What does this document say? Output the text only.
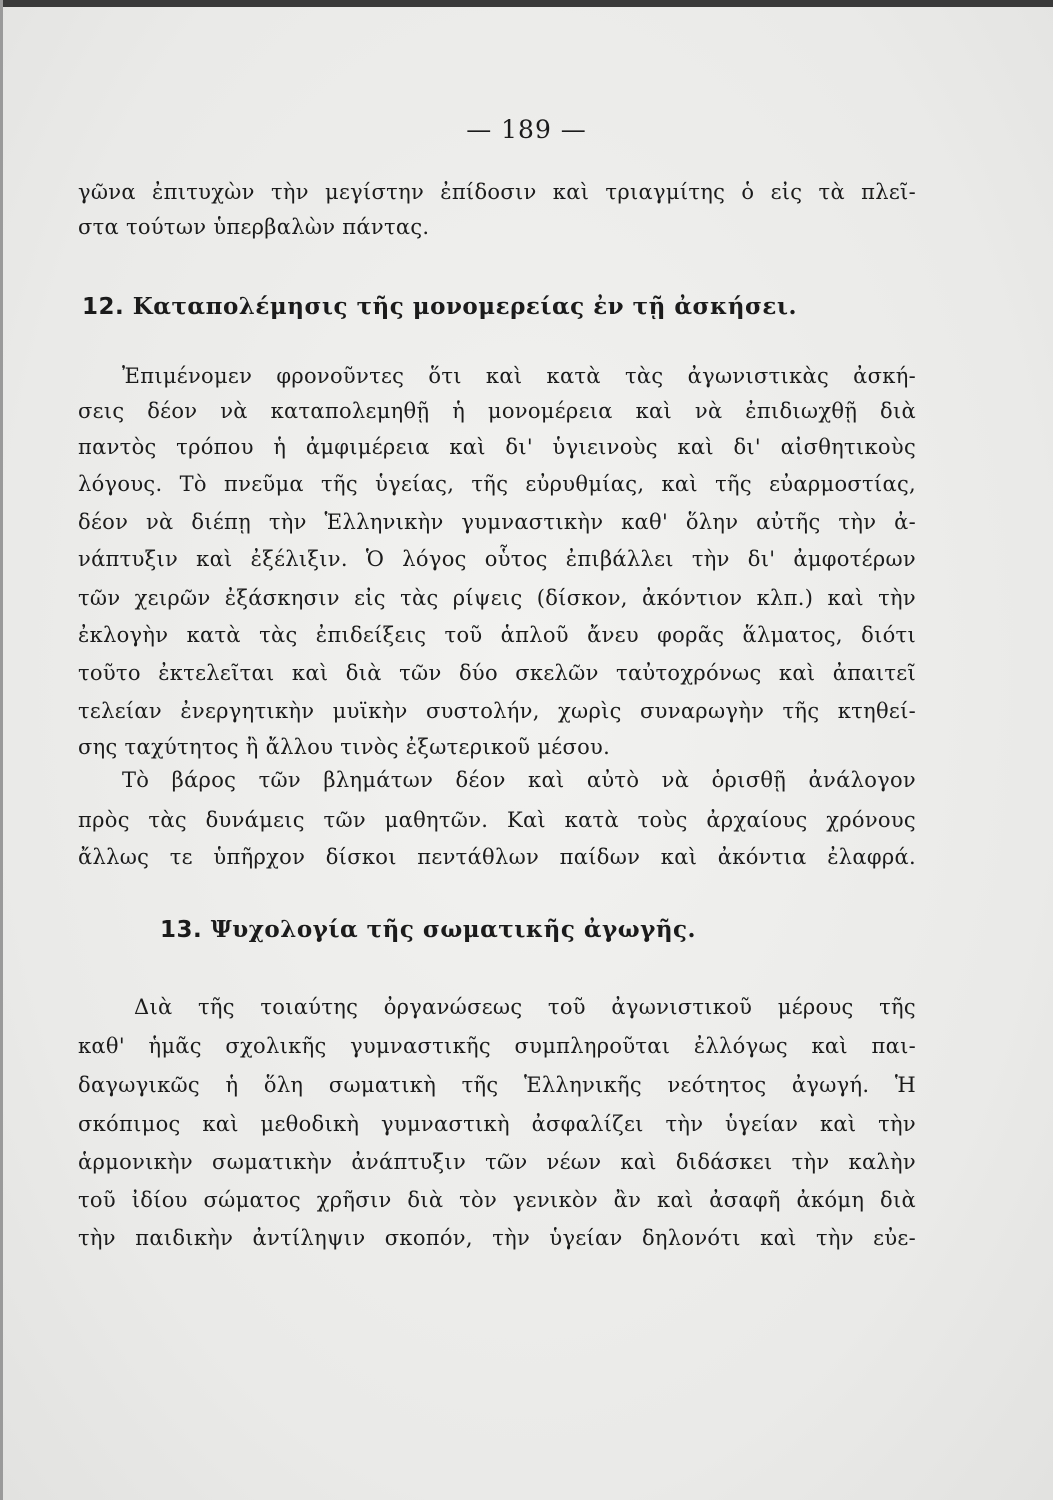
— 189 —
γῶνα ἐπιτυχὼν τὴν μεγίστην ἐπίδοσιν καὶ τριαγμίτης ὁ εἰς τὰ πλεῖ-
στα τούτων ὑπερβαλὼν πάντας.
12. Καταπολέμησις τῆς μονομερείας ἐν τῇ ἀσκήσει.
Ἐπιμένομεν φρονοῦντες ὅτι καὶ κατὰ τὰς ἀγωνιστικὰς ἀσκή-
σεις δέον νὰ καταπολεμηθῇ ἡ μονομέρεια καὶ νὰ ἐπιδιωχθῇ διὰ
παντὸς τρόπου ἡ ἀμφιμέρεια καὶ δι' ὑγιεινοὺς καὶ δι' αἰσθητικοὺς
λόγους. Τὸ πνεῦμα τῆς ὑγείας, τῆς εὐρυθμίας, καὶ τῆς εὐαρμοστίας,
δέον νὰ διέπῃ τὴν Ἑλληνικὴν γυμναστικὴν καθ' ὅλην αὐτῆς τὴν ἀ-
νάπτυξιν καὶ ἐξέλιξιν. Ὁ λόγος οὗτος ἐπιβάλλει τὴν δι' ἀμφοτέρων
τῶν χειρῶν ἐξάσκησιν εἰς τὰς ρίψεις (δίσκον, ἀκόντιον κλπ.) καὶ τὴν
ἐκλογὴν κατὰ τὰς ἐπιδείξεις τοῦ ἁπλοῦ ἄνευ φορᾶς ἅλματος, διότι
τοῦτο ἐκτελεῖται καὶ διὰ τῶν δύο σκελῶν ταὐτοχρόνως καὶ ἀπαιτεῖ
τελείαν ἐνεργητικὴν μυϊκὴν συστολήν, χωρὶς συναρωγὴν τῆς κτηθεί-
σης ταχύτητος ἢ ἄλλου τινὸς ἐξωτερικοῦ μέσου.
Τὸ βάρος τῶν βλημάτων δέον καὶ αὐτὸ νὰ ὁρισθῇ ἀνάλογον
πρὸς τὰς δυνάμεις τῶν μαθητῶν. Καὶ κατὰ τοὺς ἀρχαίους χρόνους
ἄλλως τε ὑπῆρχον δίσκοι πεντάθλων παίδων καὶ ἀκόντια ἐλαφρά.
13. Ψυχολογία τῆς σωματικῆς ἀγωγῆς.
Διὰ τῆς τοιαύτης ὀργανώσεως τοῦ ἀγωνιστικοῦ μέρους τῆς
καθ' ἡμᾶς σχολικῆς γυμναστικῆς συμπληροῦται ἐλλόγως καὶ παι-
δαγωγικῶς ἡ ὅλη σωματικὴ τῆς Ἑλληνικῆς νεότητος ἀγωγή. Ἡ
σκόπιμος καὶ μεθοδικὴ γυμναστικὴ ἀσφαλίζει τὴν ὑγείαν καὶ τὴν
ἁρμονικὴν σωματικὴν ἀνάπτυξιν τῶν νέων καὶ διδάσκει τὴν καλὴν
τοῦ ἰδίου σώματος χρῆσιν διὰ τὸν γενικὸν ἂν καὶ ἀσαφῆ ἀκόμη διὰ
τὴν παιδικὴν ἀντίληψιν σκοπόν, τὴν ὑγείαν δηλονότι καὶ τὴν εὐε-
